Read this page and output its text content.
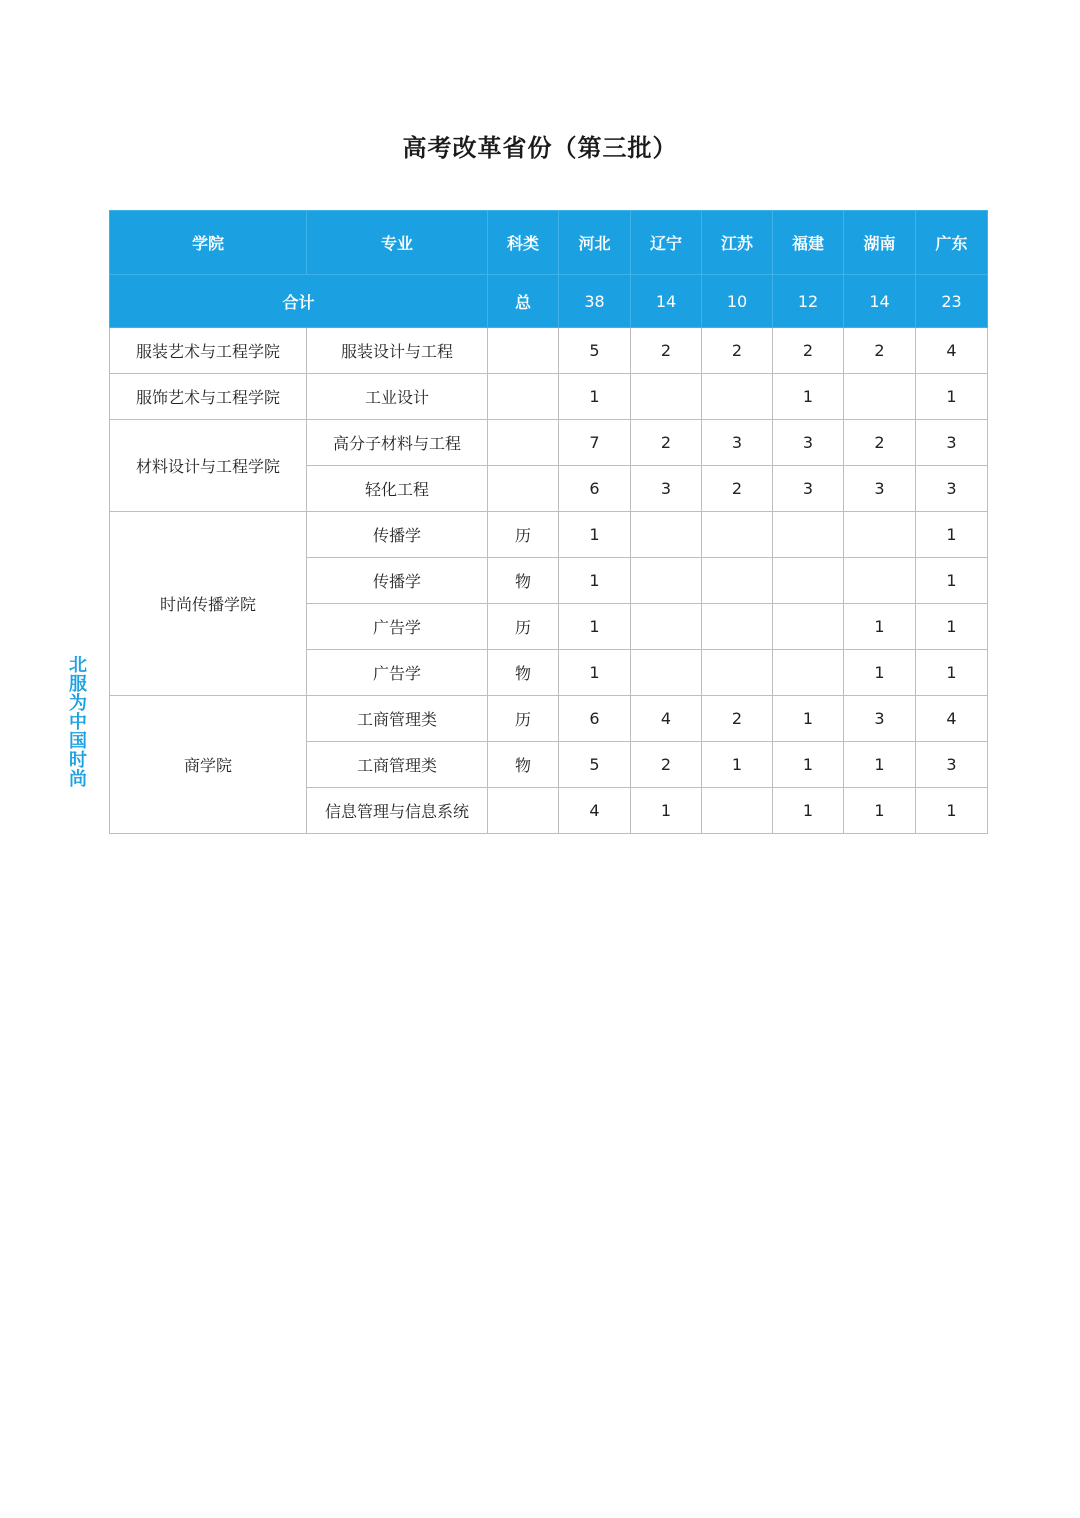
高考改革省份（第三批）
北服为中国时尚
学院	专业	科类	河北	辽宁	江苏	福建	湖南	广东
合计		总	38	14	10	12	14	23
服装艺术与工程学院	服装设计与工程		5	2	2	2	2	4
服饰艺术与工程学院	工业设计		1			1		1
材料设计与工程学院	高分子材料与工程		7	2	3	3	2	3
	轻化工程		6	3	2	3	3	3
时尚传播学院	传播学	历	1					1
	传播学	物	1					1
	广告学	历	1				1	1
	广告学	物	1				1	1
商学院	工商管理类	历	6	4	2	1	3	4
	工商管理类	物	5	2	1	1	1	3
	信息管理与信息系统		4	1		1	1	1
